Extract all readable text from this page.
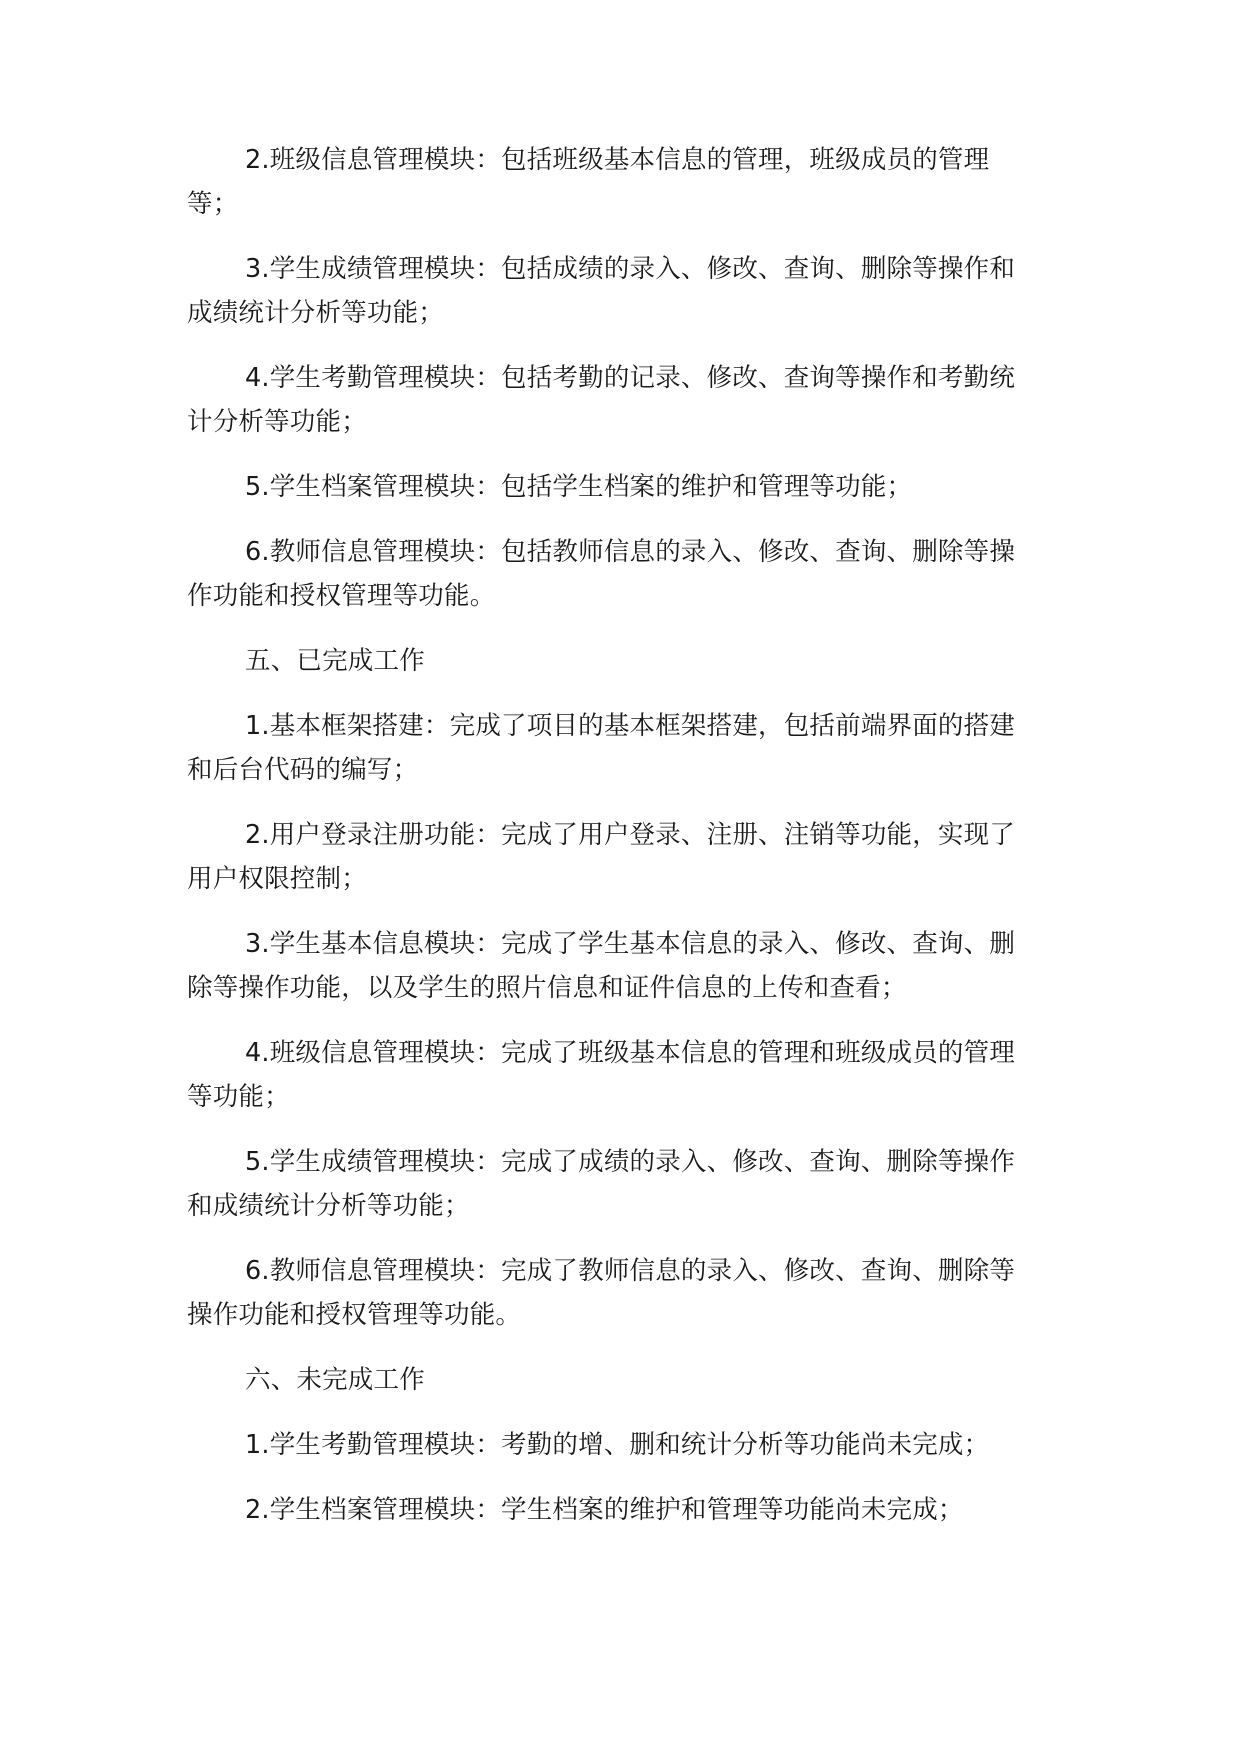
2.班级信息管理模块：包括班级基本信息的管理，班级成员的管理等；

3.学生成绩管理模块：包括成绩的录入、修改、查询、删除等操作和成绩统计分析等功能；

4.学生考勤管理模块：包括考勤的记录、修改、查询等操作和考勤统计分析等功能；

5.学生档案管理模块：包括学生档案的维护和管理等功能；

6.教师信息管理模块：包括教师信息的录入、修改、查询、删除等操作功能和授权管理等功能。

五、已完成工作

1.基本框架搭建：完成了项目的基本框架搭建，包括前端界面的搭建和后台代码的编写；

2.用户登录注册功能：完成了用户登录、注册、注销等功能，实现了用户权限控制；

3.学生基本信息模块：完成了学生基本信息的录入、修改、查询、删除等操作功能，以及学生的照片信息和证件信息的上传和查看；

4.班级信息管理模块：完成了班级基本信息的管理和班级成员的管理等功能；

5.学生成绩管理模块：完成了成绩的录入、修改、查询、删除等操作和成绩统计分析等功能；

6.教师信息管理模块：完成了教师信息的录入、修改、查询、删除等操作功能和授权管理等功能。

六、未完成工作

1.学生考勤管理模块：考勤的增、删和统计分析等功能尚未完成；

2.学生档案管理模块：学生档案的维护和管理等功能尚未完成；
